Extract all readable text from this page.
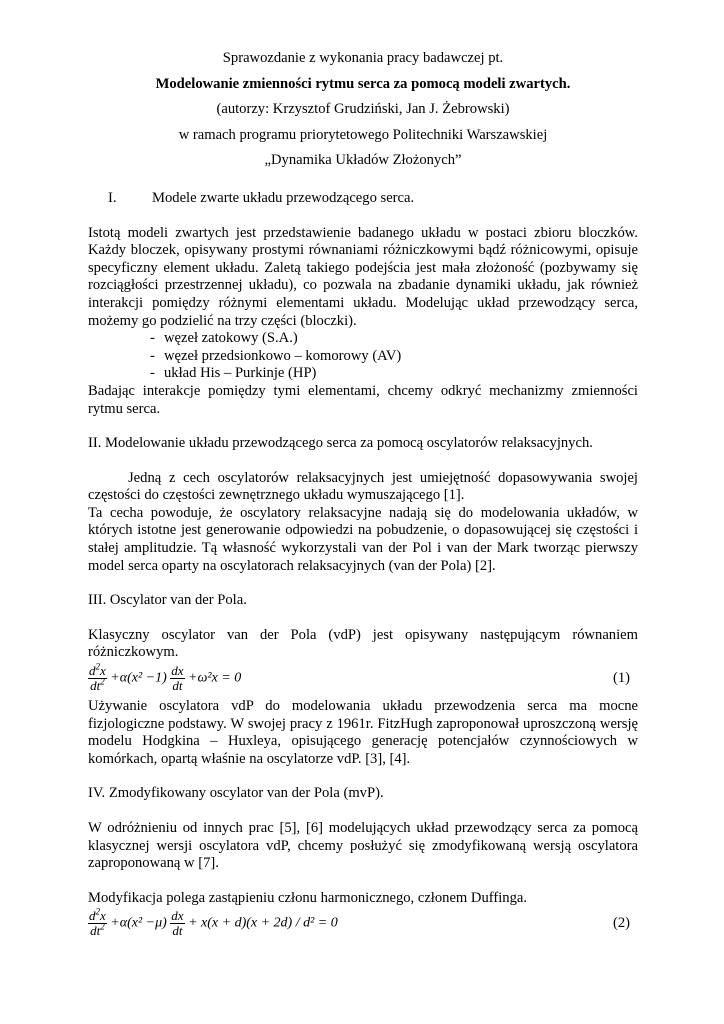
Sprawozdanie z wykonania pracy badawczej pt.

Modelowanie zmienności rytmu serca za pomocą modeli zwartych.

(autorzy: Krzysztof Grudziński, Jan J. Żebrowski)

w ramach programu priorytetowego Politechniki Warszawskiej

„Dynamika Układów Złożonych”

I. Modele zwarte układu przewodzącego serca.

Istotą modeli zwartych jest przedstawienie badanego układu w postaci zbioru bloczków. Każdy bloczek, opisywany prostymi równaniami różniczkowymi bądź różnicowymi, opisuje specyficzny element układu. Zaletą takiego podejścia jest mała złożoność (pozbywamy się rozciągłości przestrzennej układu), co pozwala na zbadanie dynamiki układu, jak również interakcji pomiędzy różnymi elementami układu. Modelując układ przewodzący serca, możemy go podzielić na trzy części (bloczki).

- węzeł zatokowy (S.A.)
- węzeł przedsionkowo – komorowy (AV)
- układ His – Purkinje (HP)

Badając interakcje pomiędzy tymi elementami, chcemy odkryć mechanizmy zmienności rytmu serca.

II. Modelowanie układu przewodzącego serca za pomocą oscylatorów relaksacyjnych.

Jedną z cech oscylatorów relaksacyjnych jest umiejętność dopasowywania swojej częstości do częstości zewnętrznego układu wymuszającego [1].

Ta cecha powoduje, że oscylatory relaksacyjne nadają się do modelowania układów, w których istotne jest generowanie odpowiedzi na pobudzenie, o dopasowującej się częstości i stałej amplitudzie. Tą własność wykorzystali van der Pol i van der Mark tworząc pierwszy model serca oparty na oscylatorach relaksacyjnych (van der Pola) [2].

III. Oscylator van der Pola.

Klasyczny oscylator van der Pola (vdP) jest opisywany następującym równaniem różniczkowym.

$\frac{d^2x}{dt^2} +\alpha(x^2 -1) \frac{dx}{dt} +\omega^2x = 0$	(1)

Używanie oscylatora vdP do modelowania układu przewodzenia serca ma mocne fizjologiczne podstawy. W swojej pracy z 1961r. FitzHugh zaproponował uproszczoną wersję modelu Hodgkina – Huxleya, opisującego generację potencjałów czynnościowych w komórkach, opartą właśnie na oscylatorze vdP. [3], [4].

IV. Zmodyfikowany oscylator van der Pola (mvP).

W odróżnieniu od innych prac [5], [6] modelujących układ przewodzący serca za pomocą klasycznej wersji oscylatora vdP, chcemy posłużyć się zmodyfikowaną wersją oscylatora zaproponowaną w [7].

Modyfikacja polega zastąpieniu członu harmonicznego, członem Duffinga.

$\frac{d^2x}{dt^2} +\alpha(x^2 -\mu) \frac{dx}{dt} + x(x + d)(x + 2d) / d^2 = 0$	(2)
